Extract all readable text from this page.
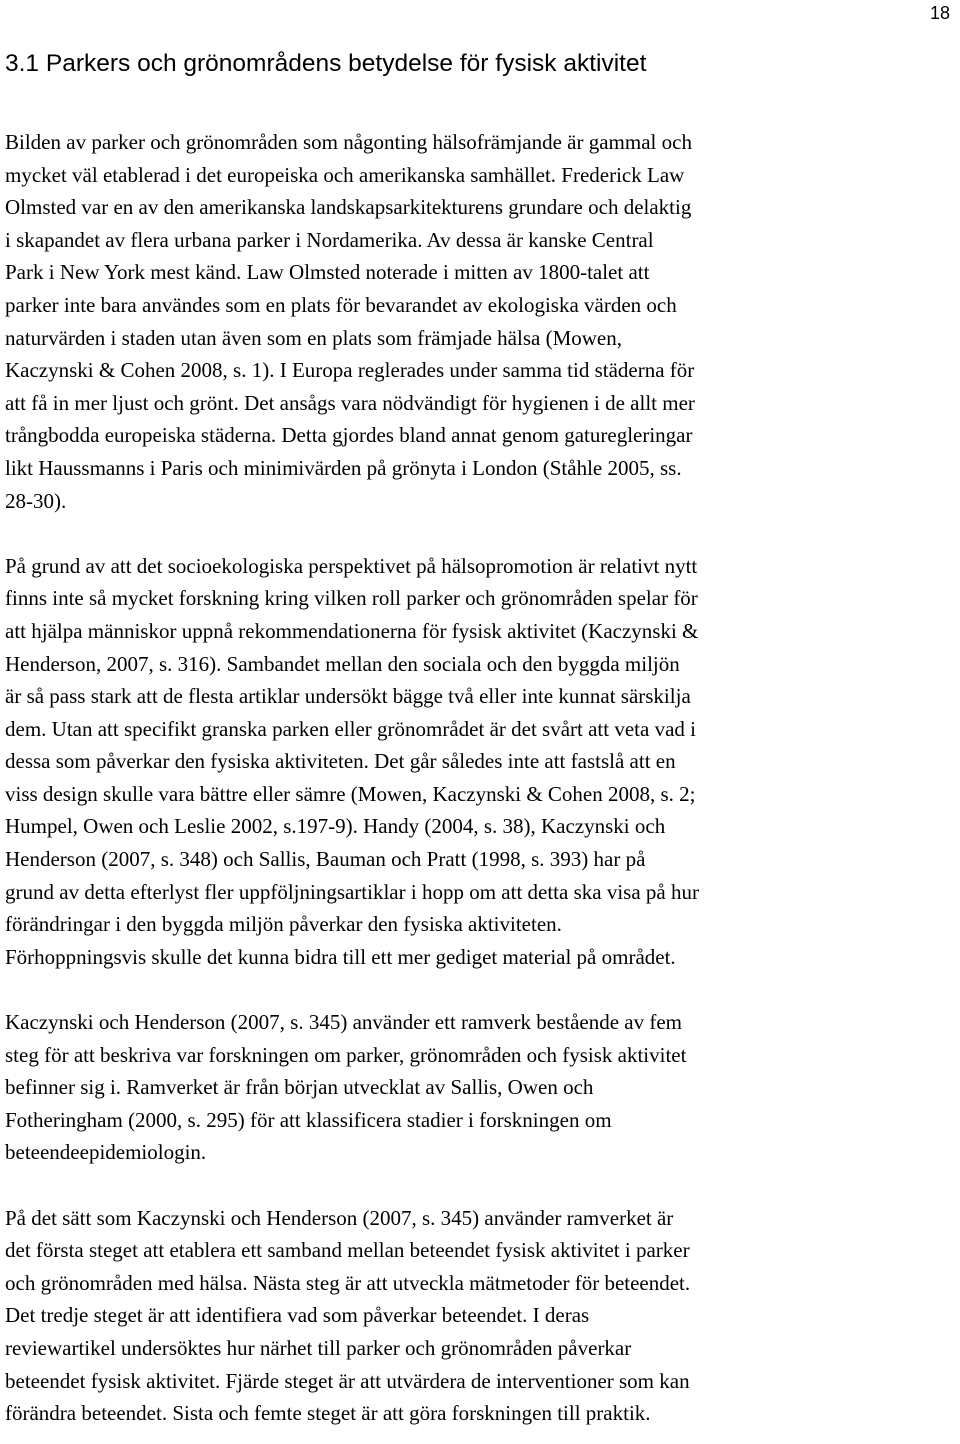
18
3.1 Parkers och grönområdens betydelse för fysisk aktivitet

Bilden av parker och grönområden som någonting hälsofrämjande är gammal och
mycket väl etablerad i det europeiska och amerikanska samhället. Frederick Law
Olmsted var en av den amerikanska landskapsarkitekturens grundare och delaktig
i skapandet av flera urbana parker i Nordamerika. Av dessa är kanske Central
Park i New York mest känd. Law Olmsted noterade i mitten av 1800-talet att
parker inte bara användes som en plats för bevarandet av ekologiska värden och
naturvärden i staden utan även som en plats som främjade hälsa (Mowen,
Kaczynski & Cohen 2008, s. 1). I Europa reglerades under samma tid städerna för
att få in mer ljust och grönt. Det ansågs vara nödvändigt för hygienen i de allt mer
trångbodda europeiska städerna. Detta gjordes bland annat genom gaturegleringar
likt Haussmanns i Paris och minimivärden på grönyta i London (Ståhle 2005, ss.
28-30).

På grund av att det socioekologiska perspektivet på hälsopromotion är relativt nytt
finns inte så mycket forskning kring vilken roll parker och grönområden spelar för
att hjälpa människor uppnå rekommendationerna för fysisk aktivitet (Kaczynski &
Henderson, 2007, s. 316). Sambandet mellan den sociala och den byggda miljön
är så pass stark att de flesta artiklar undersökt bägge två eller inte kunnat särskilja
dem. Utan att specifikt granska parken eller grönområdet är det svårt att veta vad i
dessa som påverkar den fysiska aktiviteten. Det går således inte att fastslå att en
viss design skulle vara bättre eller sämre (Mowen, Kaczynski & Cohen 2008, s. 2;
Humpel, Owen och Leslie 2002, s.197-9). Handy (2004, s. 38), Kaczynski och
Henderson (2007, s. 348) och Sallis, Bauman och Pratt (1998, s. 393) har på
grund av detta efterlyst fler uppföljningsartiklar i hopp om att detta ska visa på hur
förändringar i den byggda miljön påverkar den fysiska aktiviteten.
Förhoppningsvis skulle det kunna bidra till ett mer gediget material på området.

Kaczynski och Henderson (2007, s. 345) använder ett ramverk bestående av fem
steg för att beskriva var forskningen om parker, grönområden och fysisk aktivitet
befinner sig i. Ramverket är från början utvecklat av Sallis, Owen och
Fotheringham (2000, s. 295) för att klassificera stadier i forskningen om
beteendeepidemiologin.

På det sätt som Kaczynski och Henderson (2007, s. 345) använder ramverket är
det första steget att etablera ett samband mellan beteendet fysisk aktivitet i parker
och grönområden med hälsa. Nästa steg är att utveckla mätmetoder för beteendet.
Det tredje steget är att identifiera vad som påverkar beteendet. I deras
reviewartikel undersöktes hur närhet till parker och grönområden påverkar
beteendet fysisk aktivitet. Fjärde steget är att utvärdera de interventioner som kan
förändra beteendet. Sista och femte steget är att göra forskningen till praktik.
